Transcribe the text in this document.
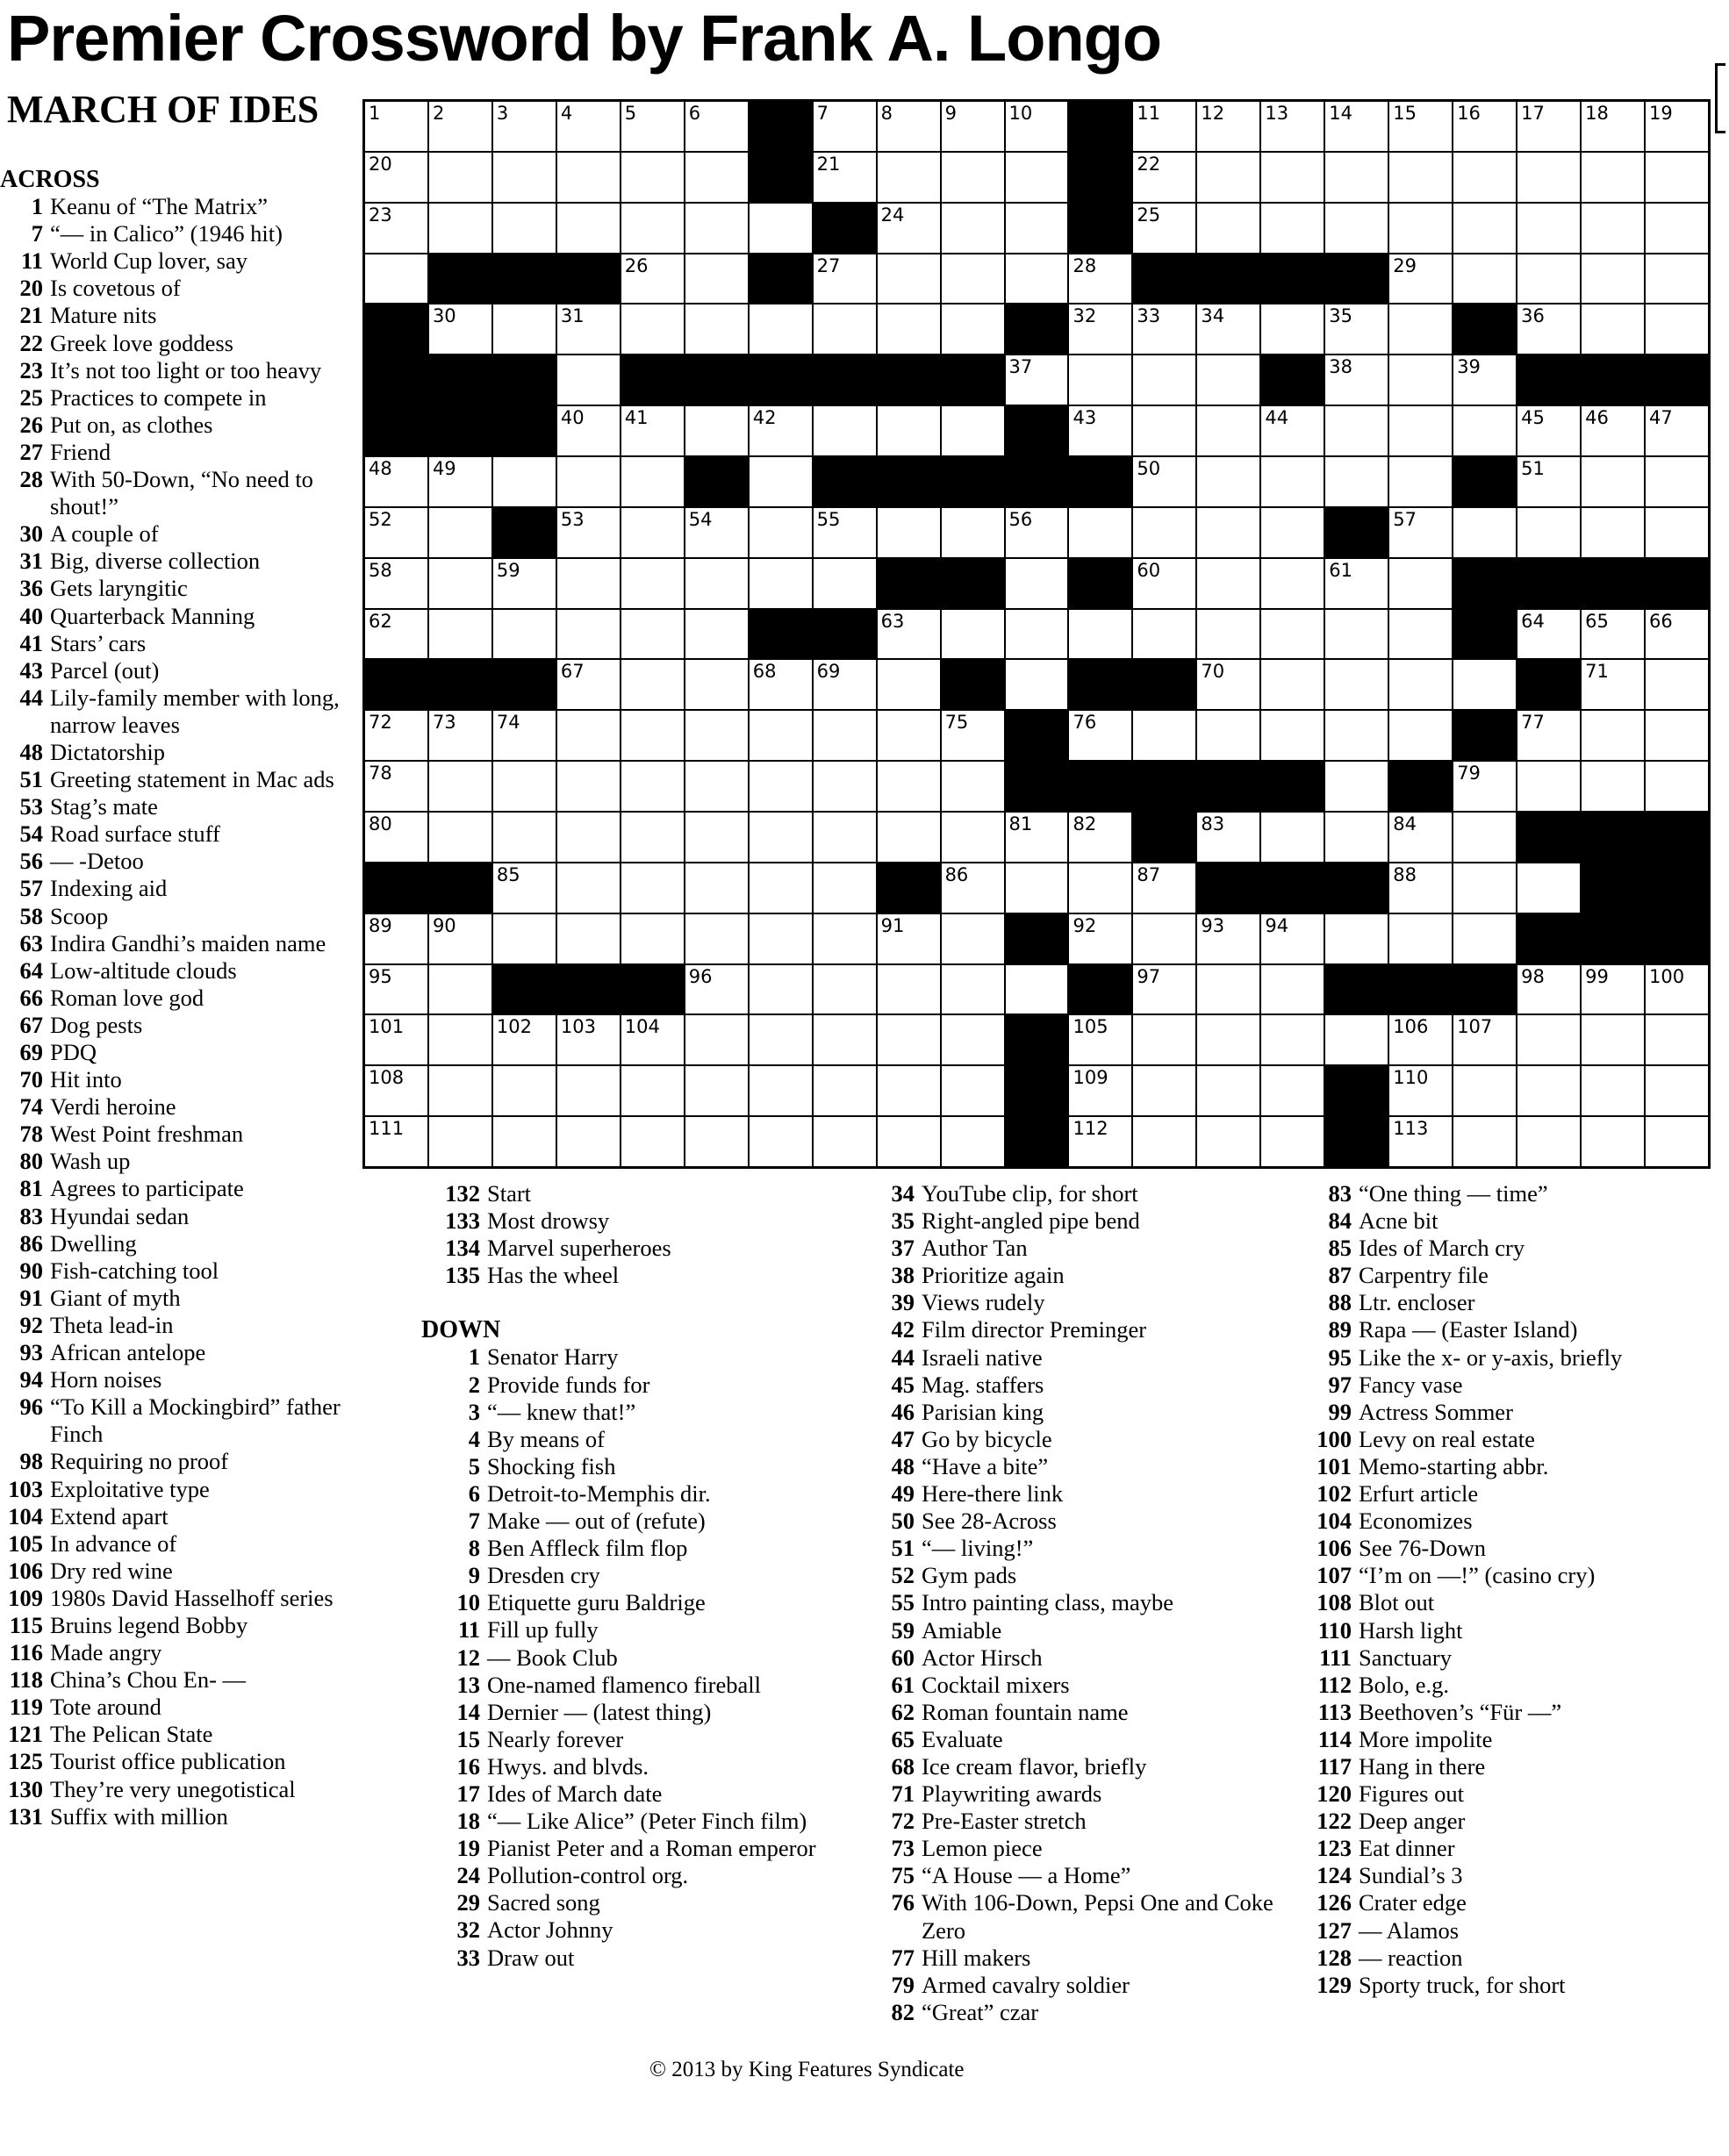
Premier Crossword by Frank A. Longo
MARCH OF IDES
ACROSS
1 Keanu of “The Matrix”
7 “— in Calico” (1946 hit)
11 World Cup lover, say
20 Is covetous of
21 Mature nits
22 Greek love goddess
23 It’s not too light or too heavy
25 Practices to compete in
26 Put on, as clothes
27 Friend
28 With 50-Down, “No need to shout!”
30 A couple of
31 Big, diverse collection
36 Gets laryngitic
40 Quarterback Manning
41 Stars’ cars
43 Parcel (out)
44 Lily-family member with long, narrow leaves
48 Dictatorship
51 Greeting statement in Mac ads
53 Stag’s mate
54 Road surface stuff
56 — -Detoo
57 Indexing aid
58 Scoop
63 Indira Gandhi’s maiden name
64 Low-altitude clouds
66 Roman love god
67 Dog pests
69 PDQ
70 Hit into
74 Verdi heroine
78 West Point freshman
80 Wash up
81 Agrees to participate
83 Hyundai sedan
86 Dwelling
90 Fish-catching tool
91 Giant of myth
92 Theta lead-in
93 African antelope
94 Horn noises
96 “To Kill a Mockingbird” father Finch
98 Requiring no proof
103 Exploitative type
104 Extend apart
105 In advance of
106 Dry red wine
109 1980s David Hasselhoff series
115 Bruins legend Bobby
116 Made angry
118 China’s Chou En- —
119 Tote around
121 The Pelican State
125 Tourist office publication
130 They’re very unegotistical
131 Suffix with million
1	2	3	4	5	6	7	8	9	10	11 12 13 14 15 16 17 18 19
20	21	22
23	24	25
26	27	28	29
30	31	32 33 34	35	36
37	38	39
40 41	42	43	44	45 46 47
48 49	50	51
52	53	54	55	56	57
58	59	60	61
62	63	64 65 66
67	68 69	70	71
72 73 74	75	76	77
78	79
80	81 82	83	84
85	86	87	88
89 90	91	92	93 94
95	96	97	98 99 100
101	102 103 104	105	106 107
108	109	110
111	112	113
132 Start
133 Most drowsy
134 Marvel superheroes
135 Has the wheel
DOWN
1 Senator Harry
2 Provide funds for
3 “— knew that!”
4 By means of
5 Shocking fish
6 Detroit-to-Memphis dir.
7 Make — out of (refute)
8 Ben Affleck film flop
9 Dresden cry
10 Etiquette guru Baldrige
11 Fill up fully
12 — Book Club
13 One-named flamenco fireball
14 Dernier — (latest thing)
15 Nearly forever
16 Hwys. and blvds.
17 Ides of March date
18 “— Like Alice” (Peter Finch film)
19 Pianist Peter and a Roman emperor
24 Pollution-control org.
29 Sacred song
32 Actor Johnny
33 Draw out
34 YouTube clip, for short
35 Right-angled pipe bend
37 Author Tan
38 Prioritize again
39 Views rudely
42 Film director Preminger
44 Israeli native
45 Mag. staffers
46 Parisian king
47 Go by bicycle
48 “Have a bite”
49 Here-there link
50 See 28-Across
51 “— living!”
52 Gym pads
55 Intro painting class, maybe
59 Amiable
60 Actor Hirsch
61 Cocktail mixers
62 Roman fountain name
65 Evaluate
68 Ice cream flavor, briefly
71 Playwriting awards
72 Pre-Easter stretch
73 Lemon piece
75 “A House — a Home”
76 With 106-Down, Pepsi One and Coke Zero
77 Hill makers
79 Armed cavalry soldier
82 “Great” czar
83 “One thing — time”
84 Acne bit
85 Ides of March cry
87 Carpentry file
88 Ltr. encloser
89 Rapa — (Easter Island)
95 Like the x- or y-axis, briefly
97 Fancy vase
99 Actress Sommer
100 Levy on real estate
101 Memo-starting abbr.
102 Erfurt article
104 Economizes
106 See 76-Down
107 “I’m on —!” (casino cry)
108 Blot out
110 Harsh light
111 Sanctuary
112 Bolo, e.g.
113 Beethoven’s “Für —”
114 More impolite
117 Hang in there
120 Figures out
122 Deep anger
123 Eat dinner
124 Sundial’s 3
126 Crater edge
127 — Alamos
128 — reaction
129 Sporty truck, for short
© 2013 by King Features Syndicate
